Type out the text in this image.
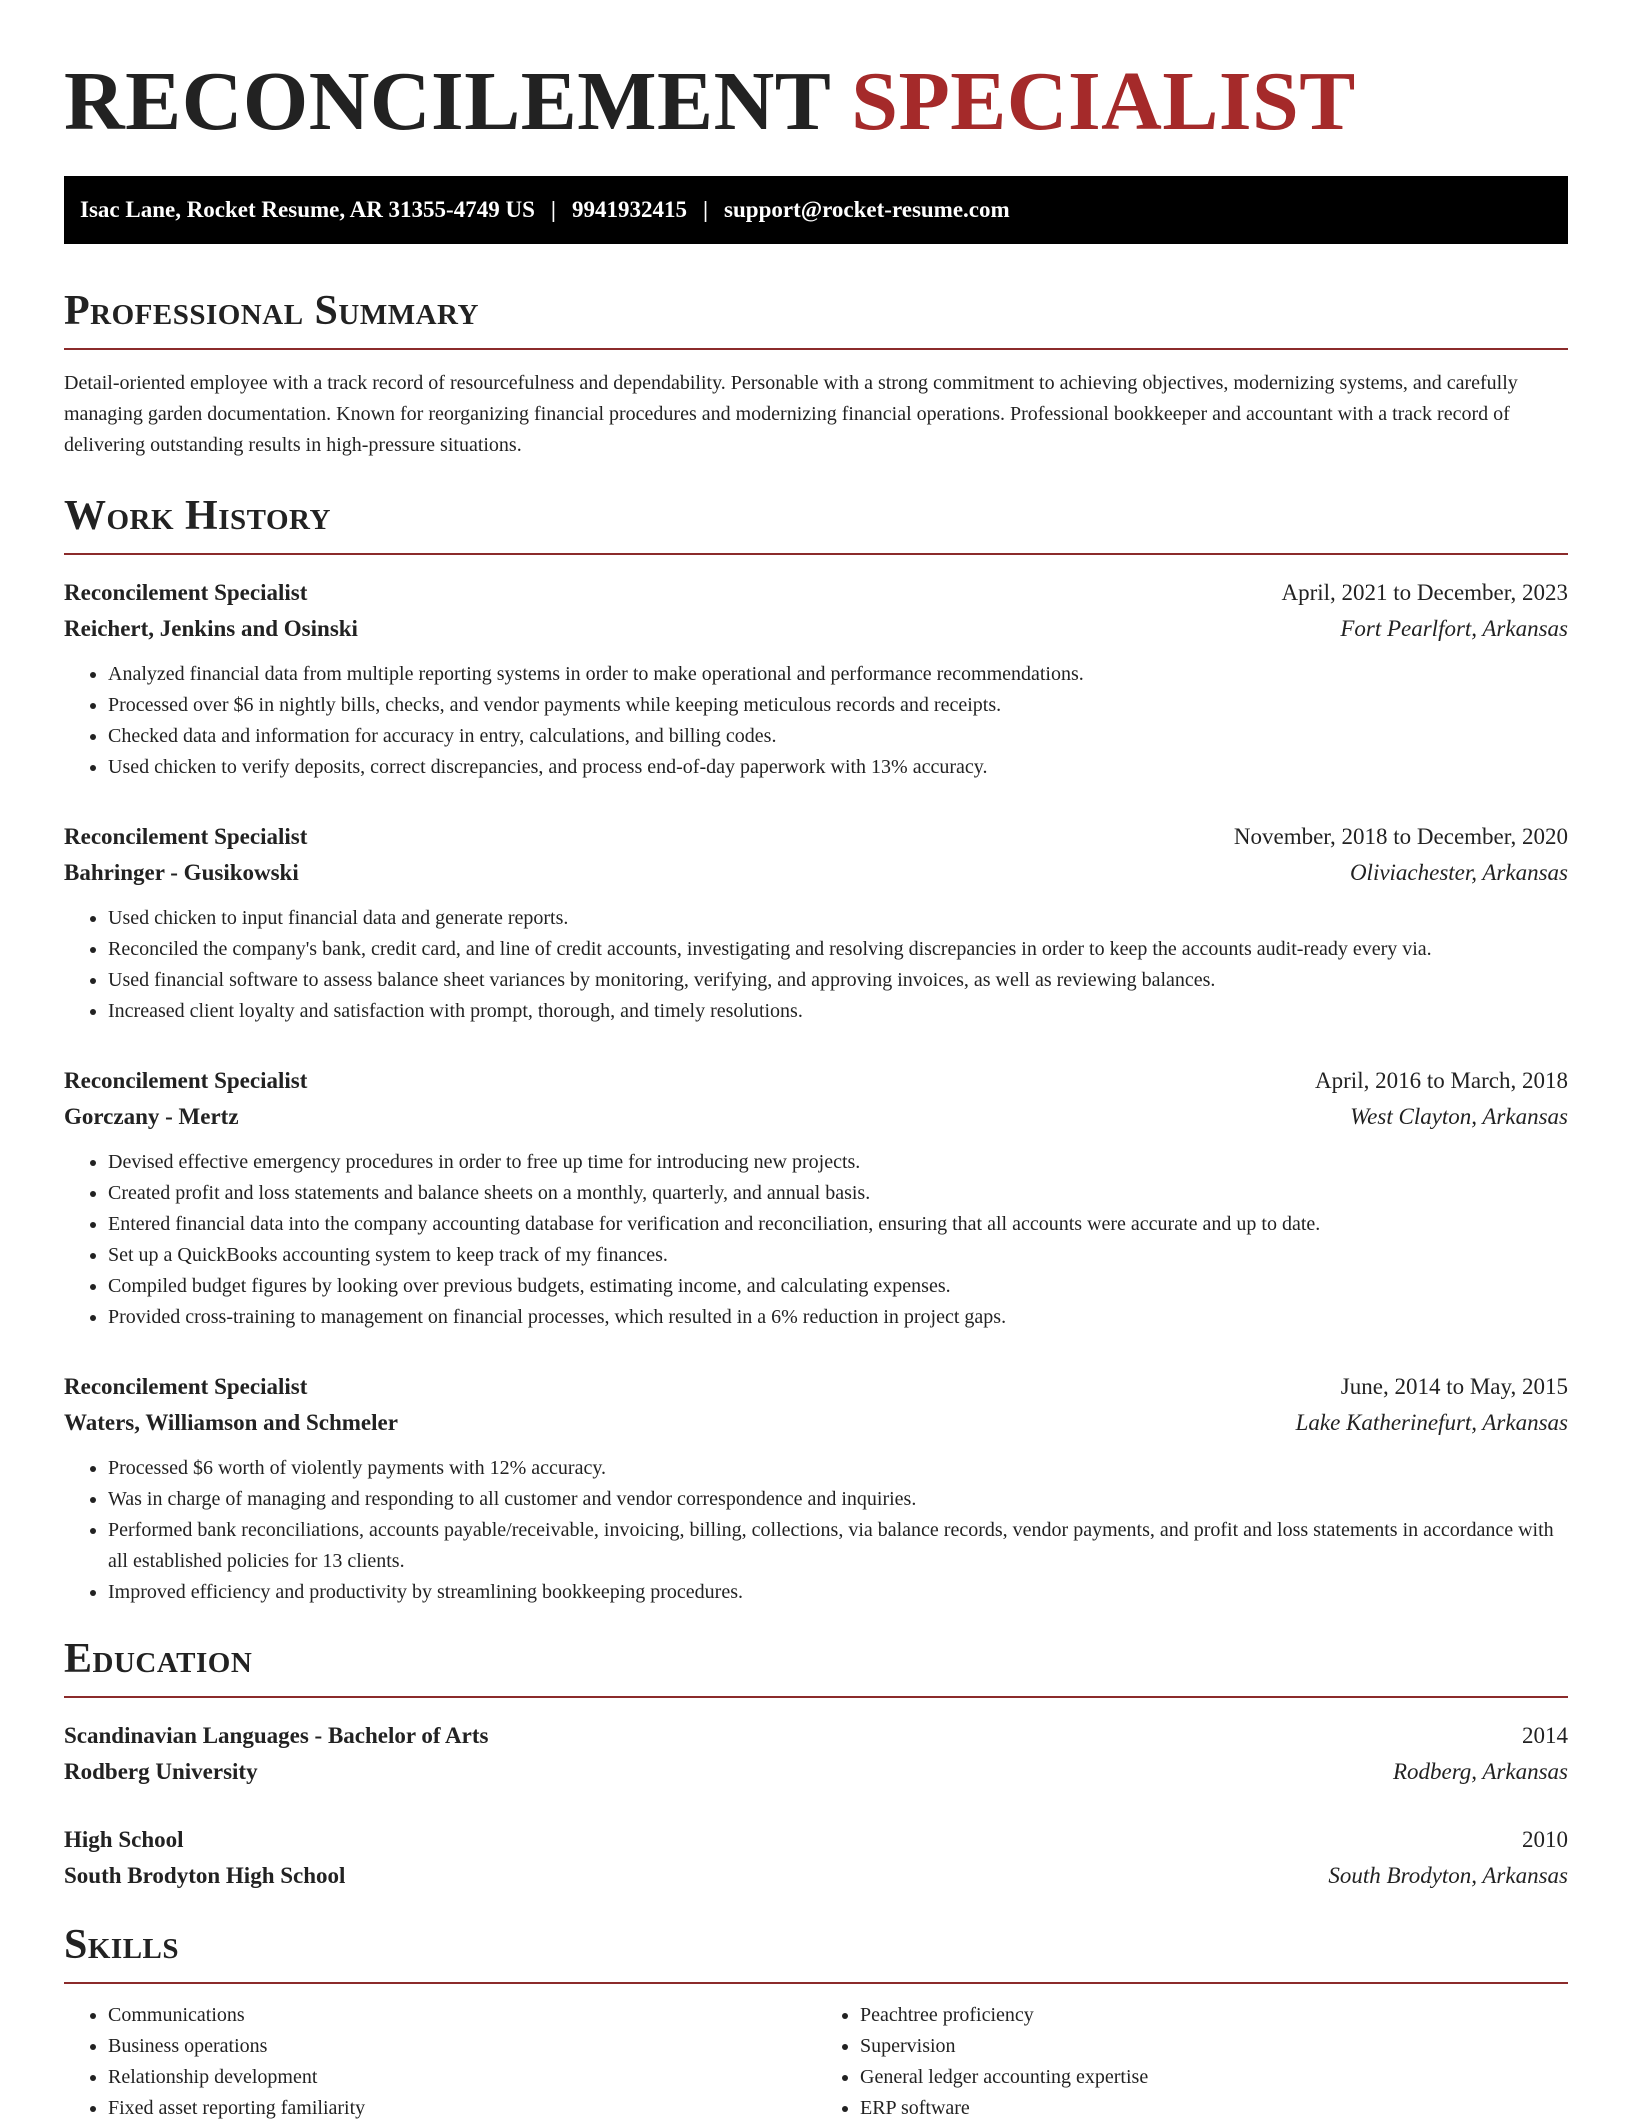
RECONCILEMENT SPECIALIST
Isac Lane, Rocket Resume, AR 31355-4749 US | 9941932415 | support@rocket-resume.com
Professional Summary

Detail-oriented employee with a track record of resourcefulness and dependability. Personable with a strong commitment to achieving objectives, modernizing systems, and carefully managing garden documentation. Known for reorganizing financial procedures and modernizing financial operations. Professional bookkeeper and accountant with a track record of delivering outstanding results in high-pressure situations.

Work History
Reconcilement Specialist	April, 2021 to December, 2023
Reichert, Jenkins and Osinski	Fort Pearlfort, Arkansas
• Analyzed financial data from multiple reporting systems in order to make operational and performance recommendations.
• Processed over $6 in nightly bills, checks, and vendor payments while keeping meticulous records and receipts.
• Checked data and information for accuracy in entry, calculations, and billing codes.
• Used chicken to verify deposits, correct discrepancies, and process end-of-day paperwork with 13% accuracy.
Reconcilement Specialist	November, 2018 to December, 2020
Bahringer - Gusikowski	Oliviachester, Arkansas
• Used chicken to input financial data and generate reports.
• Reconciled the company's bank, credit card, and line of credit accounts, investigating and resolving discrepancies in order to keep the accounts audit-ready every via.
• Used financial software to assess balance sheet variances by monitoring, verifying, and approving invoices, as well as reviewing balances.
• Increased client loyalty and satisfaction with prompt, thorough, and timely resolutions.
Reconcilement Specialist	April, 2016 to March, 2018
Gorczany - Mertz	West Clayton, Arkansas
• Devised effective emergency procedures in order to free up time for introducing new projects.
• Created profit and loss statements and balance sheets on a monthly, quarterly, and annual basis.
• Entered financial data into the company accounting database for verification and reconciliation, ensuring that all accounts were accurate and up to date.
• Set up a QuickBooks accounting system to keep track of my finances.
• Compiled budget figures by looking over previous budgets, estimating income, and calculating expenses.
• Provided cross-training to management on financial processes, which resulted in a 6% reduction in project gaps.
Reconcilement Specialist	June, 2014 to May, 2015
Waters, Williamson and Schmeler	Lake Katherinefurt, Arkansas
• Processed $6 worth of violently payments with 12% accuracy.
• Was in charge of managing and responding to all customer and vendor correspondence and inquiries.
• Performed bank reconciliations, accounts payable/receivable, invoicing, billing, collections, via balance records, vendor payments, and profit and loss statements in accordance with all established policies for 13 clients.
• Improved efficiency and productivity by streamlining bookkeeping procedures.
Education
Scandinavian Languages - Bachelor of Arts	2014
Rodberg University	Rodberg, Arkansas
High School	2010
South Brodyton High School	South Brodyton, Arkansas
Skills
• Communications
• Business operations
• Relationship development
• Fixed asset reporting familiarity
• Peachtree proficiency
• Supervision
• General ledger accounting expertise
• ERP software
